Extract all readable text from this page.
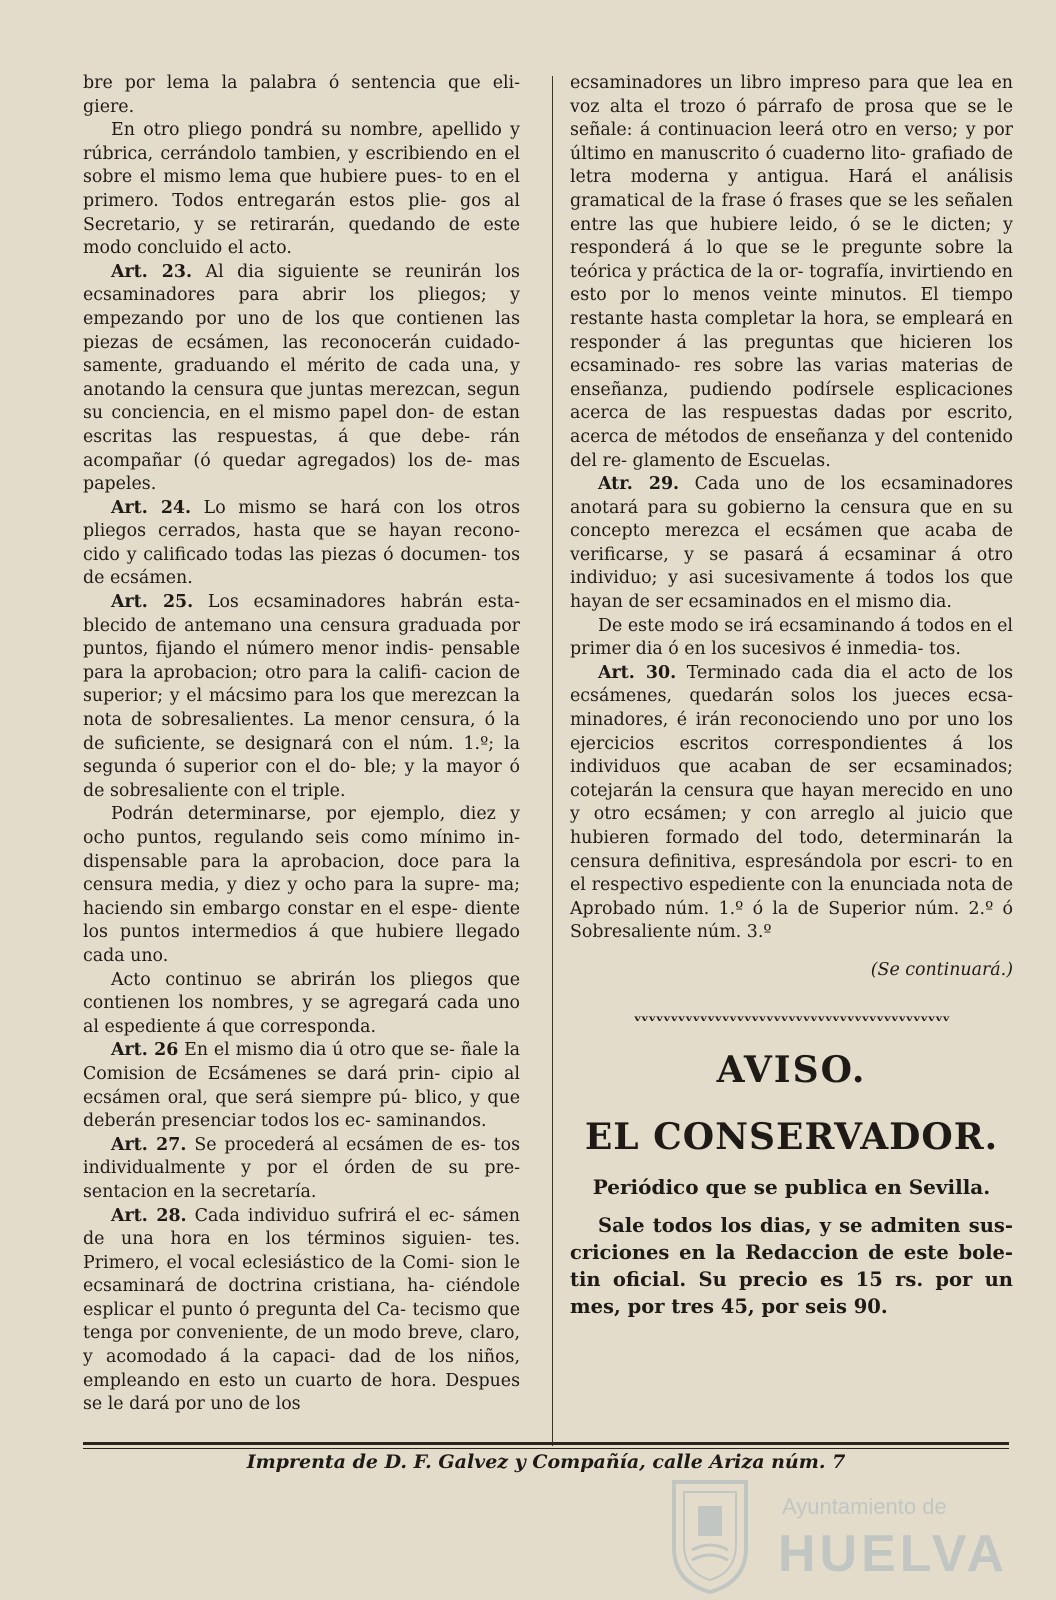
bre por lema la palabra ó sentencia que eli- giere.

En otro pliego pondrá su nombre, apellido y rúbrica, cerrándolo tambien, y escribiendo en el sobre el mismo lema que hubiere pues- to en el primero. Todos entregarán estos plie- gos al Secretario, y se retirarán, quedando de este modo concluido el acto.

Art. 23. Al dia siguiente se reunirán los ecsaminadores para abrir los pliegos; y empezando por uno de los que contienen las piezas de ecsámen, las reconocerán cuidado- samente, graduando el mérito de cada una, y anotando la censura que juntas merezcan, segun su conciencia, en el mismo papel don- de estan escritas las respuestas, á que debe- rán acompañar (ó quedar agregados) los de- mas papeles.

Art. 24. Lo mismo se hará con los otros pliegos cerrados, hasta que se hayan recono- cido y calificado todas las piezas ó documen- tos de ecsámen.

Art. 25. Los ecsaminadores habrán esta- blecido de antemano una censura graduada por puntos, fijando el número menor indis- pensable para la aprobacion; otro para la califi- cacion de superior; y el mácsimo para los que merezcan la nota de sobresalientes. La menor censura, ó la de suficiente, se designará con el núm. 1.º; la segunda ó superior con el do- ble; y la mayor ó de sobresaliente con el triple.

Podrán determinarse, por ejemplo, diez y ocho puntos, regulando seis como mínimo in- dispensable para la aprobacion, doce para la censura media, y diez y ocho para la supre- ma; haciendo sin embargo constar en el espe- diente los puntos intermedios á que hubiere llegado cada uno.

Acto continuo se abrirán los pliegos que contienen los nombres, y se agregará cada uno al espediente á que corresponda.

Art. 26 En el mismo dia ú otro que se- ñale la Comision de Ecsámenes se dará prin- cipio al ecsámen oral, que será siempre pú- blico, y que deberán presenciar todos los ec- saminandos.

Art. 27. Se procederá al ecsámen de es- tos individualmente y por el órden de su pre- sentacion en la secretaría.

Art. 28. Cada individuo sufrirá el ec- sámen de una hora en los términos siguien- tes. Primero, el vocal eclesiástico de la Comi- sion le ecsaminará de doctrina cristiana, ha- ciéndole esplicar el punto ó pregunta del Ca- tecismo que tenga por conveniente, de un modo breve, claro, y acomodado á la capaci- dad de los niños, empleando en esto un cuarto de hora. Despues se le dará por uno de los

ecsaminadores un libro impreso para que lea en voz alta el trozo ó párrafo de prosa que se le señale: á continuacion leerá otro en verso; y por último en manuscrito ó cuaderno lito- grafiado de letra moderna y antigua. Hará el análisis gramatical de la frase ó frases que se les señalen entre las que hubiere leido, ó se le dicten; y responderá á lo que se le pregunte sobre la teórica y práctica de la or- tografía, invirtiendo en esto por lo menos veinte minutos. El tiempo restante hasta completar la hora, se empleará en responder á las preguntas que hicieren los ecsaminado- res sobre las varias materias de enseñanza, pudiendo podírsele esplicaciones acerca de las respuestas dadas por escrito, acerca de métodos de enseñanza y del contenido del re- glamento de Escuelas.

Atr. 29. Cada uno de los ecsaminadores anotará para su gobierno la censura que en su concepto merezca el ecsámen que acaba de verificarse, y se pasará á ecsaminar á otro individuo; y asi sucesivamente á todos los que hayan de ser ecsaminados en el mismo dia.

De este modo se irá ecsaminando á todos en el primer dia ó en los sucesivos é inmedia- tos.

Art. 30. Terminado cada dia el acto de los ecsámenes, quedarán solos los jueces ecsa- minadores, é irán reconociendo uno por uno los ejercicios escritos correspondientes á los individuos que acaban de ser ecsaminados; cotejarán la censura que hayan merecido en uno y otro ecsámen; y con arreglo al juicio que hubieren formado del todo, determinarán la censura definitiva, espresándola por escri- to en el respectivo espediente con la enunciada nota de Aprobado núm. 1.º ó la de Superior núm. 2.º ó Sobresaliente núm. 3.º

(Se continuará.)

ᵥᵥᵥᵥᵥᵥᵥᵥᵥᵥᵥᵥᵥᵥᵥᵥᵥᵥᵥᵥᵥᵥᵥᵥᵥᵥᵥᵥᵥᵥᵥᵥᵥᵥᵥᵥᵥᵥᵥᵥᵥᵥᵥ
AVISO.
EL CONSERVADOR.
Periódico que se publica en Sevilla.

Sale todos los dias, y se admiten sus- criciones en la Redaccion de este bole- tin oficial. Su precio es 15 rs. por un mes, por tres 45, por seis 90.

Imprenta de D. F. Galvez y Compañía, calle Ariza núm. 7
Ayuntamiento de
HUELVA
